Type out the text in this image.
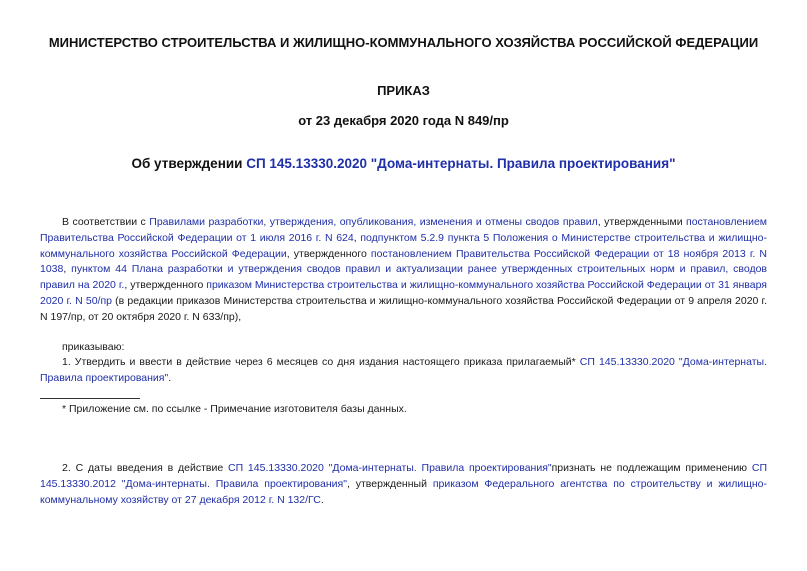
МИНИСТЕРСТВО СТРОИТЕЛЬСТВА И ЖИЛИЩНО-КОММУНАЛЬНОГО ХОЗЯЙСТВА РОССИЙСКОЙ ФЕДЕРАЦИИ
ПРИКАЗ
от 23 декабря 2020 года N 849/пр
Об утверждении СП 145.13330.2020 "Дома-интернаты. Правила проектирования"
В соответствии с Правилами разработки, утверждения, опубликования, изменения и отмены сводов правил, утвержденными постановлением Правительства Российской Федерации от 1 июля 2016 г. N 624, подпунктом 5.2.9 пункта 5 Положения о Министерстве строительства и жилищно-коммунального хозяйства Российской Федерации, утвержденного постановлением Правительства Российской Федерации от 18 ноября 2013 г. N 1038, пунктом 44 Плана разработки и утверждения сводов правил и актуализации ранее утвержденных строительных норм и правил, сводов правил на 2020 г., утвержденного приказом Министерства строительства и жилищно-коммунального хозяйства Российской Федерации от 31 января 2020 г. N 50/пр (в редакции приказов Министерства строительства и жилищно-коммунального хозяйства Российской Федерации от 9 апреля 2020 г. N 197/пр, от 20 октября 2020 г. N 633/пр),
приказываю:
1. Утвердить и ввести в действие через 6 месяцев со дня издания настоящего приказа прилагаемый* СП 145.13330.2020 "Дома-интернаты. Правила проектирования".
* Приложение см. по ссылке - Примечание изготовителя базы данных.
2. С даты введения в действие СП 145.13330.2020 "Дома-интернаты. Правила проектирования"признать не подлежащим применению СП 145.13330.2012 "Дома-интернаты. Правила проектирования", утвержденный приказом Федерального агентства по строительству и жилищно-коммунальному хозяйству от 27 декабря 2012 г. N 132/ГС.
